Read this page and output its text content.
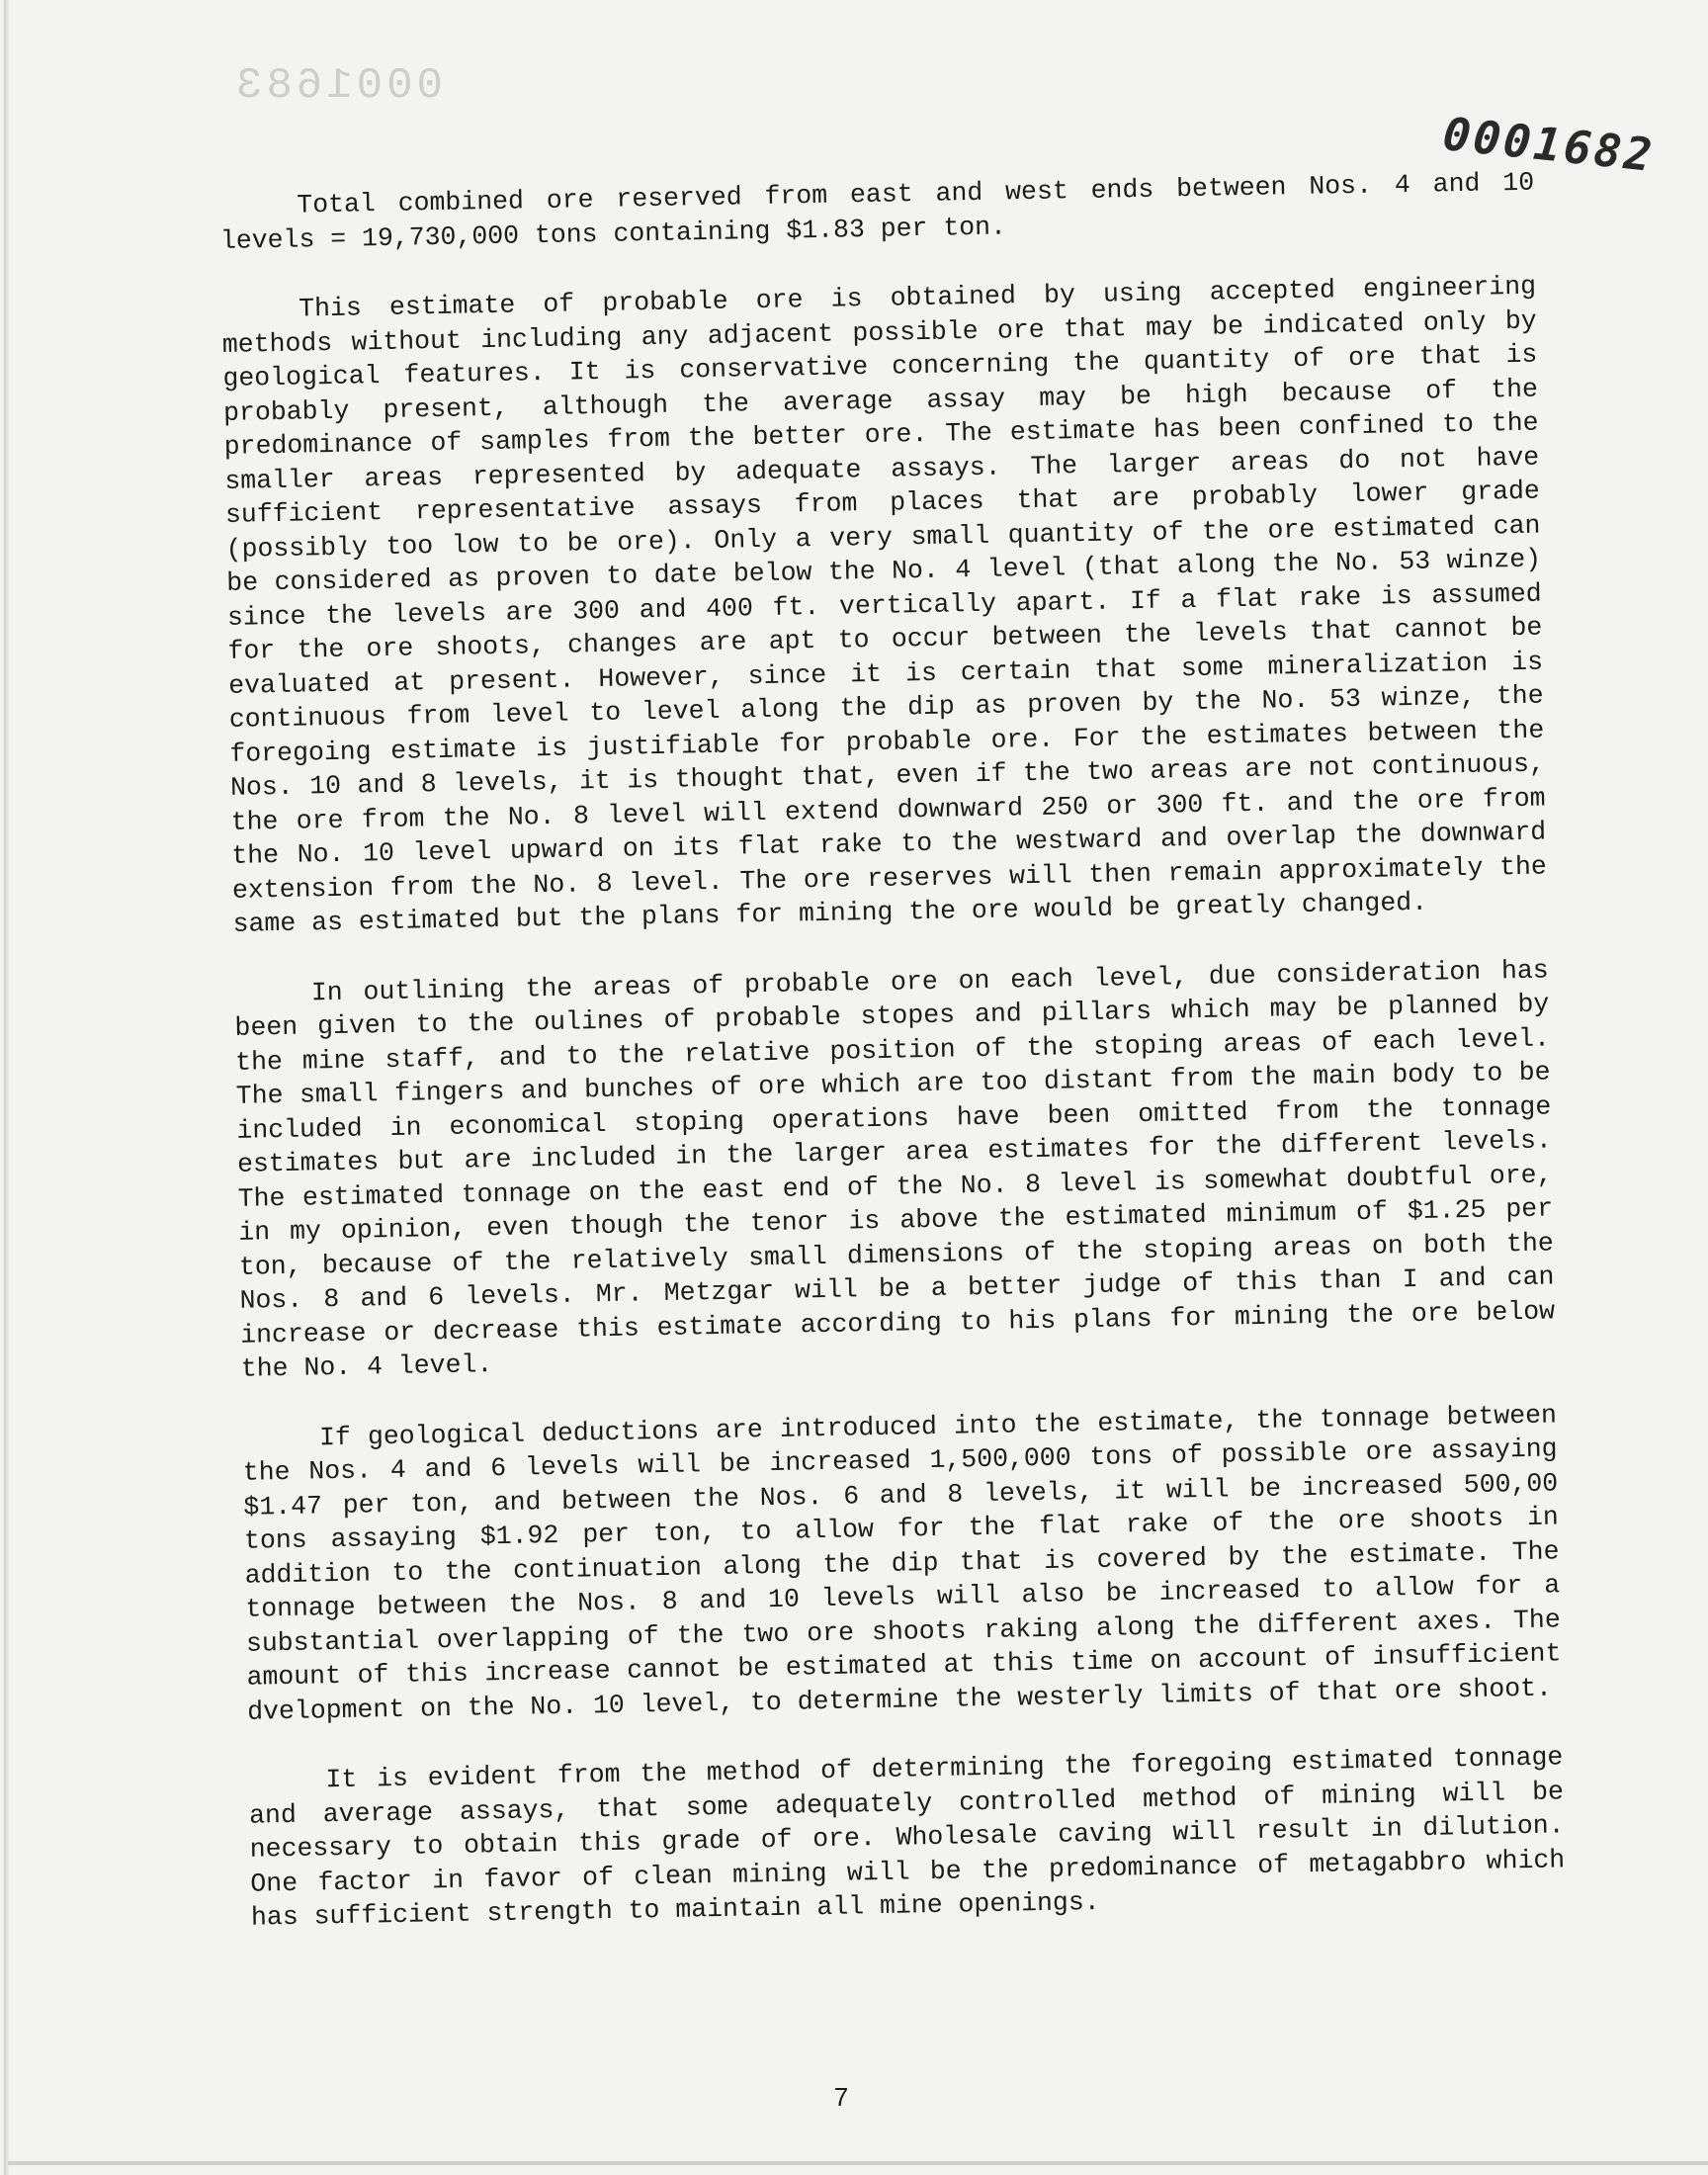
0001683
0001682

Total combined ore reserved from east and west ends between Nos. 4 and 10 levels = 19,730,000 tons containing $1.83 per ton.

This estimate of probable ore is obtained by using accepted engineering methods without including any adjacent possible ore that may be indicated only by geological features. It is conservative concerning the quantity of ore that is probably present, although the average assay may be high because of the predominance of samples from the better ore. The estimate has been confined to the smaller areas represented by adequate assays. The larger areas do not have sufficient representative assays from places that are probably lower grade (possibly too low to be ore). Only a very small quantity of the ore estimated can be considered as proven to date below the No. 4 level (that along the No. 53 winze) since the levels are 300 and 400 ft. vertically apart. If a flat rake is assumed for the ore shoots, changes are apt to occur between the levels that cannot be evaluated at present. However, since it is certain that some mineralization is continuous from level to level along the dip as proven by the No. 53 winze, the foregoing estimate is justifiable for probable ore. For the estimates between the Nos. 10 and 8 levels, it is thought that, even if the two areas are not continuous, the ore from the No. 8 level will extend downward 250 or 300 ft. and the ore from the No. 10 level upward on its flat rake to the westward and overlap the downward extension from the No. 8 level. The ore reserves will then remain approximately the same as estimated but the plans for mining the ore would be greatly changed.

In outlining the areas of probable ore on each level, due consideration has been given to the oulines of probable stopes and pillars which may be planned by the mine staff, and to the relative position of the stoping areas of each level. The small fingers and bunches of ore which are too distant from the main body to be included in economical stoping operations have been omitted from the tonnage estimates but are included in the larger area estimates for the different levels. The estimated tonnage on the east end of the No. 8 level is somewhat doubtful ore, in my opinion, even though the tenor is above the estimated minimum of $1.25 per ton, because of the relatively small dimensions of the stoping areas on both the Nos. 8 and 6 levels. Mr. Metzgar will be a better judge of this than I and can increase or decrease this estimate according to his plans for mining the ore below the No. 4 level.

If geological deductions are introduced into the estimate, the tonnage between the Nos. 4 and 6 levels will be increased 1,500,000 tons of possible ore assaying $1.47 per ton, and between the Nos. 6 and 8 levels, it will be increased 500,00 tons assaying $1.92 per ton, to allow for the flat rake of the ore shoots in addition to the continuation along the dip that is covered by the estimate. The tonnage between the Nos. 8 and 10 levels will also be increased to allow for a substantial overlapping of the two ore shoots raking along the different axes. The amount of this increase cannot be estimated at this time on account of insufficient dvelopment on the No. 10 level, to determine the westerly limits of that ore shoot.

It is evident from the method of determining the foregoing estimated tonnage and average assays, that some adequately controlled method of mining will be necessary to obtain this grade of ore. Wholesale caving will result in dilution. One factor in favor of clean mining will be the predominance of metagabbro which has sufficient strength to maintain all mine openings.

7
